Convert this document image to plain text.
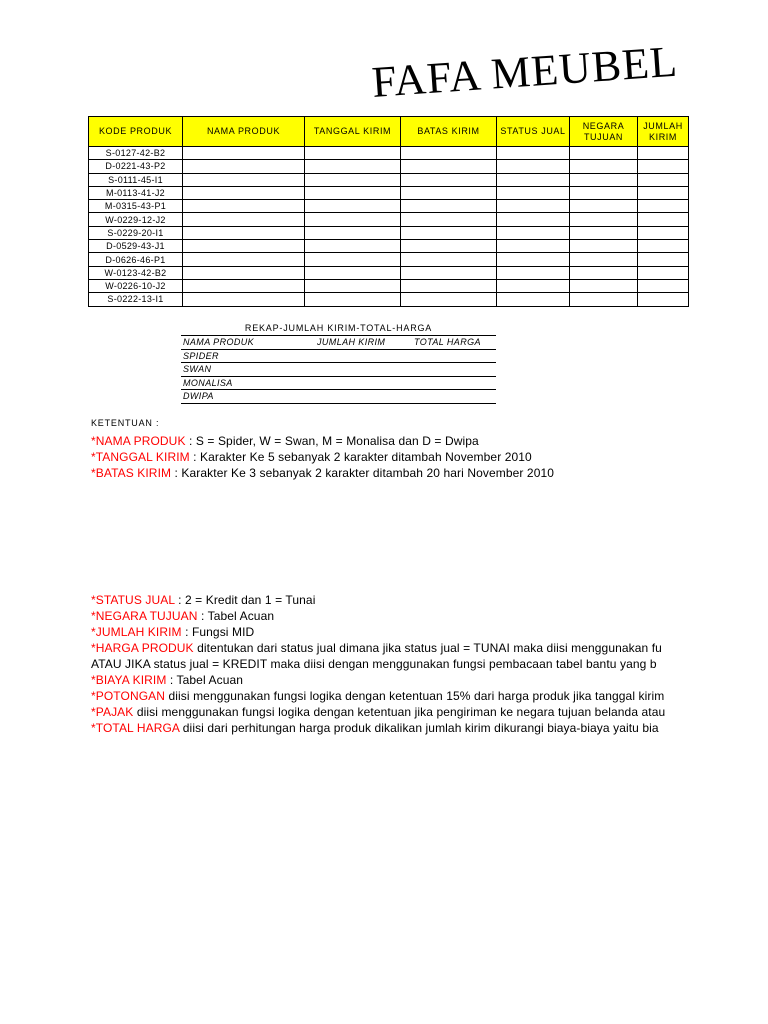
FAFA MEUBEL
KODE PRODUK	NAMA PRODUK	TANGGAL KIRIM	BATAS KIRIM	STATUS JUAL	NEGARA TUJUAN	JUMLAH KIRIM
S-0127-42-B2						
D-0221-43-P2						
S-0111-45-I1						
M-0113-41-J2						
M-0315-43-P1						
W-0229-12-J2						
S-0229-20-I1						
D-0529-43-J1						
D-0626-46-P1						
W-0123-42-B2						
W-0226-10-J2						
S-0222-13-I1						
REKAP-JUMLAH KIRIM-TOTAL-HARGA
NAMA PRODUK	JUMLAH KIRIM	TOTAL HARGA
SPIDER		
SWAN		
MONALISA		
DWIPA		
KETENTUAN :
*NAMA PRODUK : S = Spider, W = Swan, M = Monalisa dan D = Dwipa
*TANGGAL KIRIM : Karakter Ke 5 sebanyak 2 karakter ditambah November 2010
*BATAS KIRIM : Karakter Ke 3 sebanyak 2 karakter ditambah 20 hari November 2010
*STATUS JUAL : 2 = Kredit dan 1 = Tunai
*NEGARA TUJUAN : Tabel Acuan
*JUMLAH KIRIM : Fungsi MID
*HARGA PRODUK ditentukan dari status jual dimana jika status jual = TUNAI maka diisi menggunakan fu
ATAU JIKA status jual = KREDIT maka diisi dengan menggunakan fungsi pembacaan tabel bantu yang b
*BIAYA KIRIM : Tabel Acuan
*POTONGAN diisi menggunakan fungsi logika dengan ketentuan 15% dari harga produk jika tanggal kirim
*PAJAK diisi menggunakan fungsi logika dengan ketentuan jika pengiriman ke negara tujuan belanda atau
*TOTAL HARGA diisi dari perhitungan harga produk dikalikan jumlah kirim dikurangi biaya-biaya yaitu bia
